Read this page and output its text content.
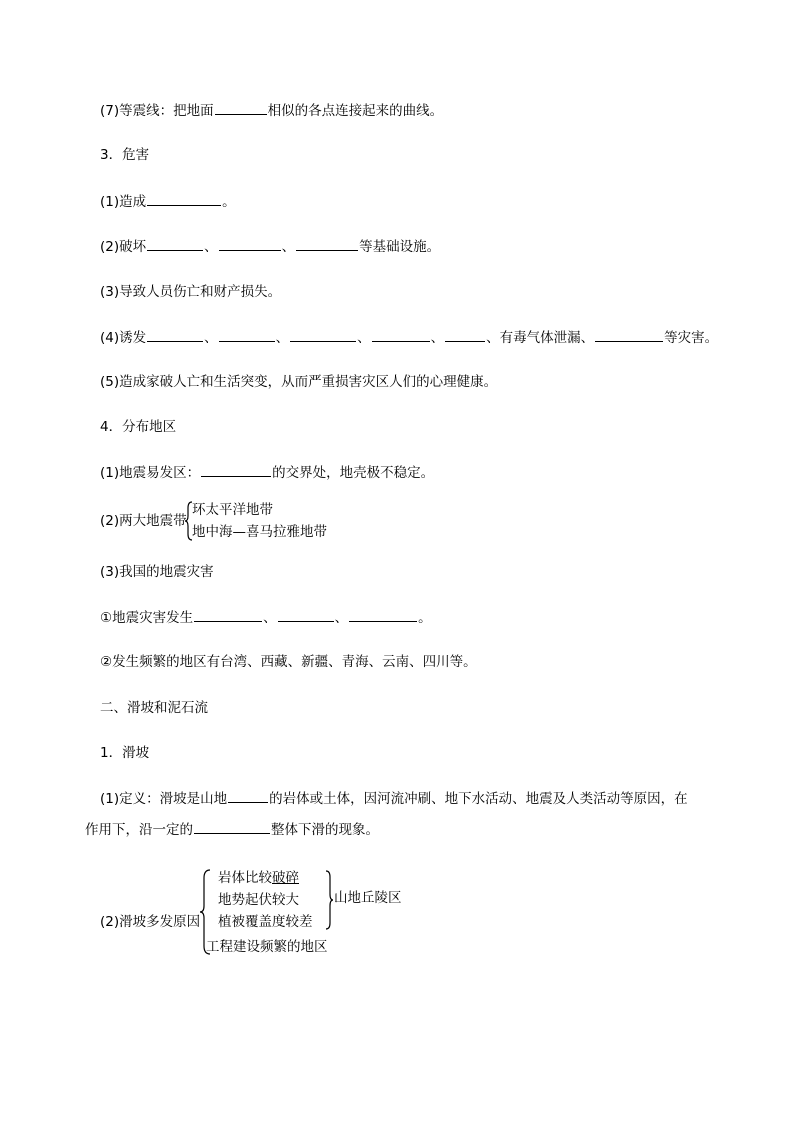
(7)等震线：把地面	相似的各点连接起来的曲线。
3．危害
(1)造成	。
(2)破坏	、	、	等基础设施。
(3)导致人员伤亡和财产损失。
(4)诱发	、	、	、	、	、有毒气体泄漏、	等灾害。
(5)造成家破人亡和生活突变，从而严重损害灾区人们的心理健康。
4．分布地区
(1)地震易发区：	的交界处，地壳极不稳定。
(2)两大地震带
环太平洋地带
地中海—喜马拉雅地带
(3)我国的地震灾害
①地震灾害发生	、	、	。
②发生频繁的地区有台湾、西藏、新疆、青海、云南、四川等。
二、滑坡和泥石流
1．滑坡
(1)定义：滑坡是山地	的岩体或土体，因河流冲刷、地下水活动、地震及人类活动等原因，在
作用下，沿一定的	整体下滑的现象。
(2)滑坡多发原因
岩体比较破碎
地势起伏较大
植被覆盖度较差
山地丘陵区
工程建设频繁的地区
